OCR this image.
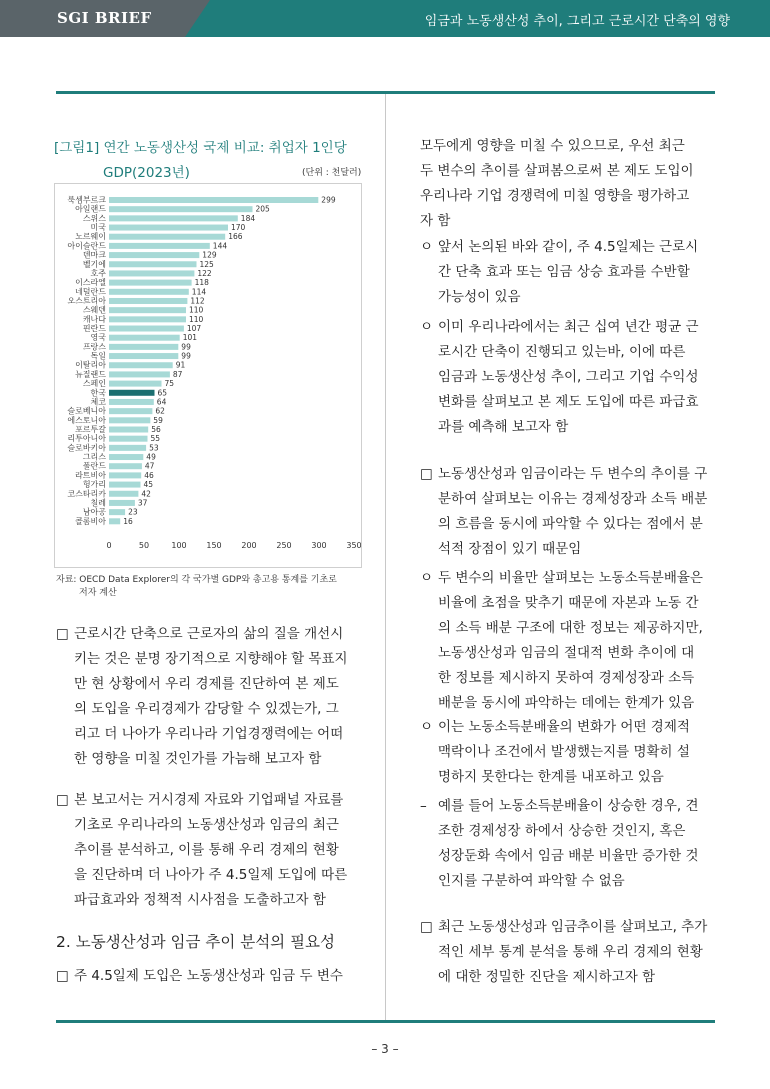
SGI BRIEF	임금과 노동생산성 추이, 그리고 근로시간 단축의 영향
[그림1] 연간 노동생산성 국제 비교: 취업자 1인당
GDP(2023년)	(단위 : 천달러)
룩셈부르크	299
아일랜드	205
스위스	184
미국	170
노르웨이	166
아이슬란드	144
덴마크	129
벨기에	125
호주	122
이스라엘	118
네덜란드	114
오스트리아	112
스웨덴	110
캐나다	110
핀란드	107
영국	101
프랑스	99
독일	99
이탈리아	91
뉴질랜드	87
스페인	75
한국	65
체코	64
슬로베니아	62
에스토니아	59
포르투갈	56
리투아니아	55
슬로바키아	53
그리스	49
폴란드	47
라트비아	46
헝가리	45
코스타리카	42
칠레	37
남아공	23
콜롬비아 16
0	50	100 150 200 250 300 350
자료: OECD Data Explorer의 각 국가별 GDP와 총고용 통계를 기초로
저자 계산
□ 근로시간 단축으로 근로자의 삶의 질을 개선시
키는 것은 분명 장기적으로 지향해야 할 목표지
만 현 상황에서 우리 경제를 진단하여 본 제도
의 도입을 우리경제가 감당할 수 있겠는가, 그
리고 더 나아가 우리나라 기업경쟁력에는 어떠
한 영향을 미칠 것인가를 가늠해 보고자 함
□ 본 보고서는 거시경제 자료와 기업패널 자료를
기초로 우리나라의 노동생산성과 임금의 최근
추이를 분석하고, 이를 통해 우리 경제의 현황
을 진단하며 더 나아가 주 4.5일제 도입에 따른
파급효과와 정책적 시사점을 도출하고자 함
2. 노동생산성과 임금 추이 분석의 필요성
□ 주 4.5일제 도입은 노동생산성과 임금 두 변수
모두에게 영향을 미칠 수 있으므로, 우선 최근
두 변수의 추이를 살펴봄으로써 본 제도 도입이
우리나라 기업 경쟁력에 미칠 영향을 평가하고
자 함
ㅇ 앞서 논의된 바와 같이, 주 4.5일제는 근로시
간 단축 효과 또는 임금 상승 효과를 수반할
가능성이 있음
ㅇ 이미 우리나라에서는 최근 십여 년간 평균 근
로시간 단축이 진행되고 있는바, 이에 따른
임금과 노동생산성 추이, 그리고 기업 수익성
변화를 살펴보고 본 제도 도입에 따른 파급효
과를 예측해 보고자 함
□ 노동생산성과 임금이라는 두 변수의 추이를 구
분하여 살펴보는 이유는 경제성장과 소득 배분
의 흐름을 동시에 파악할 수 있다는 점에서 분
석적 장점이 있기 때문임
ㅇ 두 변수의 비율만 살펴보는 노동소득분배율은
비율에 초점을 맞추기 때문에 자본과 노동 간
의 소득 배분 구조에 대한 정보는 제공하지만,
노동생산성과 임금의 절대적 변화 추이에 대
한 정보를 제시하지 못하여 경제성장과 소득
배분을 동시에 파악하는 데에는 한계가 있음
ㅇ 이는 노동소득분배율의 변화가 어떤 경제적
맥락이나 조건에서 발생했는지를 명확히 설
명하지 못한다는 한계를 내포하고 있음
– 예를 들어 노동소득분배율이 상승한 경우, 견
조한 경제성장 하에서 상승한 것인지, 혹은
성장둔화 속에서 임금 배분 비율만 증가한 것
인지를 구분하여 파악할 수 없음
□ 최근 노동생산성과 임금추이를 살펴보고, 추가
적인 세부 통계 분석을 통해 우리 경제의 현황
에 대한 정밀한 진단을 제시하고자 함
– 3 –
